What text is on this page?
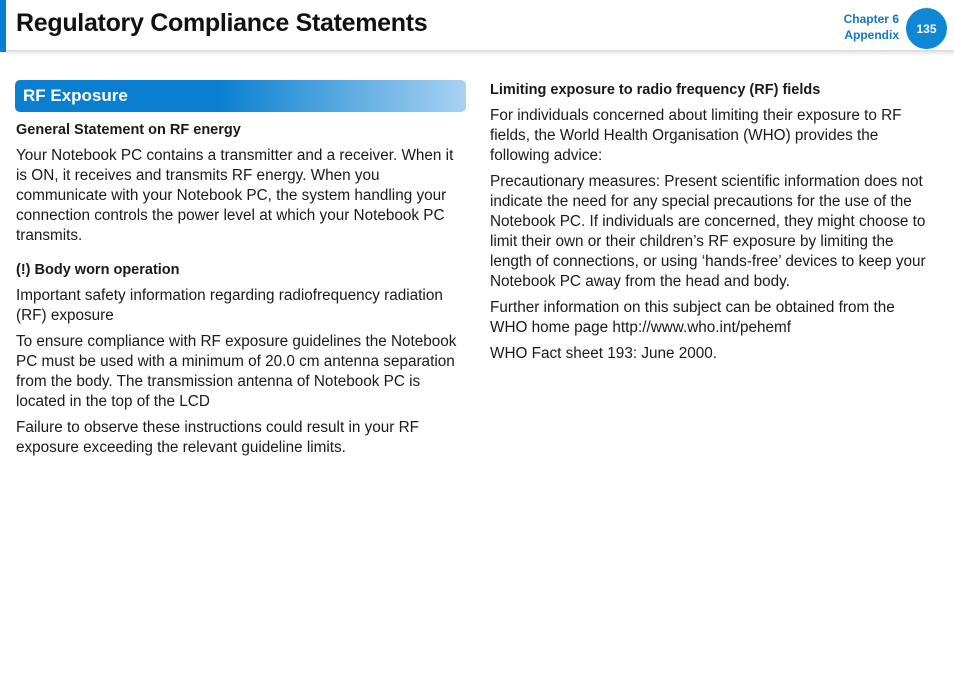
Regulatory Compliance Statements	Chapter 6
Appendix	135
RF Exposure
General Statement on RF energy

Your Notebook PC contains a transmitter and a receiver. When it is ON, it receives and transmits RF energy. When you communicate with your Notebook PC, the system handling your connection controls the power level at which your Notebook PC transmits.

(!) Body worn operation

Important safety information regarding radiofrequency radiation (RF) exposure

To ensure compliance with RF exposure guidelines the Notebook PC must be used with a minimum of 20.0 cm antenna separation from the body. The transmission antenna of Notebook PC is located in the top of the LCD

Failure to observe these instructions could result in your RF exposure exceeding the relevant guideline limits.

Limiting exposure to radio frequency (RF) fields

For individuals concerned about limiting their exposure to RF fields, the World Health Organisation (WHO) provides the following advice:

Precautionary measures: Present scientific information does not indicate the need for any special precautions for the use of the Notebook PC. If individuals are concerned, they might choose to limit their own or their children’s RF exposure by limiting the length of connections, or using ‘hands-free’ devices to keep your Notebook PC away from the head and body.

Further information on this subject can be obtained from the WHO home page http://www.who.int/pehemf

WHO Fact sheet 193: June 2000.
